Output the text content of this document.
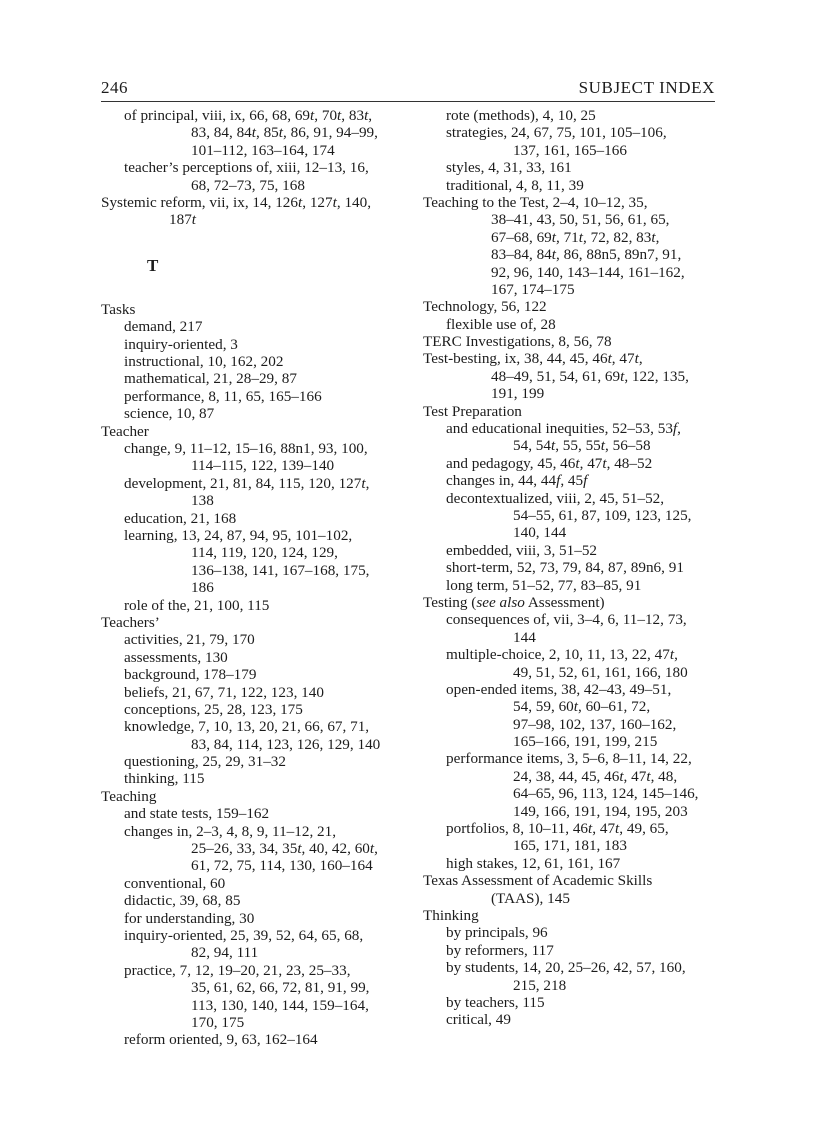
246	SUBJECT INDEX
of principal, viii, ix, 66, 68, 69t, 70t, 83t,
83, 84, 84t, 85t, 86, 91, 94–99,
101–112, 163–164, 174
teacher’s perceptions of, xiii, 12–13, 16,
68, 72–73, 75, 168
Systemic reform, vii, ix, 14, 126t, 127t, 140,
187t
T
Tasks
demand, 217
inquiry-oriented, 3
instructional, 10, 162, 202
mathematical, 21, 28–29, 87
performance, 8, 11, 65, 165–166
science, 10, 87
Teacher
change, 9, 11–12, 15–16, 88n1, 93, 100,
114–115, 122, 139–140
development, 21, 81, 84, 115, 120, 127t,
138
education, 21, 168
learning, 13, 24, 87, 94, 95, 101–102,
114, 119, 120, 124, 129,
136–138, 141, 167–168, 175,
186
role of the, 21, 100, 115
Teachers’
activities, 21, 79, 170
assessments, 130
background, 178–179
beliefs, 21, 67, 71, 122, 123, 140
conceptions, 25, 28, 123, 175
knowledge, 7, 10, 13, 20, 21, 66, 67, 71,
83, 84, 114, 123, 126, 129, 140
questioning, 25, 29, 31–32
thinking, 115
Teaching
and state tests, 159–162
changes in, 2–3, 4, 8, 9, 11–12, 21,
25–26, 33, 34, 35t, 40, 42, 60t,
61, 72, 75, 114, 130, 160–164
conventional, 60
didactic, 39, 68, 85
for understanding, 30
inquiry-oriented, 25, 39, 52, 64, 65, 68,
82, 94, 111
practice, 7, 12, 19–20, 21, 23, 25–33,
35, 61, 62, 66, 72, 81, 91, 99,
113, 130, 140, 144, 159–164,
170, 175
reform oriented, 9, 63, 162–164
rote (methods), 4, 10, 25
strategies, 24, 67, 75, 101, 105–106,
137, 161, 165–166
styles, 4, 31, 33, 161
traditional, 4, 8, 11, 39
Teaching to the Test, 2–4, 10–12, 35,
38–41, 43, 50, 51, 56, 61, 65,
67–68, 69t, 71t, 72, 82, 83t,
83–84, 84t, 86, 88n5, 89n7, 91,
92, 96, 140, 143–144, 161–162,
167, 174–175
Technology, 56, 122
flexible use of, 28
TERC Investigations, 8, 56, 78
Test-besting, ix, 38, 44, 45, 46t, 47t,
48–49, 51, 54, 61, 69t, 122, 135,
191, 199
Test Preparation
and educational inequities, 52–53, 53f,
54, 54t, 55, 55t, 56–58
and pedagogy, 45, 46t, 47t, 48–52
changes in, 44, 44f, 45f
decontextualized, viii, 2, 45, 51–52,
54–55, 61, 87, 109, 123, 125,
140, 144
embedded, viii, 3, 51–52
short-term, 52, 73, 79, 84, 87, 89n6, 91
long term, 51–52, 77, 83–85, 91
Testing (see also Assessment)
consequences of, vii, 3–4, 6, 11–12, 73,
144
multiple-choice, 2, 10, 11, 13, 22, 47t,
49, 51, 52, 61, 161, 166, 180
open-ended items, 38, 42–43, 49–51,
54, 59, 60t, 60–61, 72,
97–98, 102, 137, 160–162,
165–166, 191, 199, 215
performance items, 3, 5–6, 8–11, 14, 22,
24, 38, 44, 45, 46t, 47t, 48,
64–65, 96, 113, 124, 145–146,
149, 166, 191, 194, 195, 203
portfolios, 8, 10–11, 46t, 47t, 49, 65,
165, 171, 181, 183
high stakes, 12, 61, 161, 167
Texas Assessment of Academic Skills
(TAAS), 145
Thinking
by principals, 96
by reformers, 117
by students, 14, 20, 25–26, 42, 57, 160,
215, 218
by teachers, 115
critical, 49
